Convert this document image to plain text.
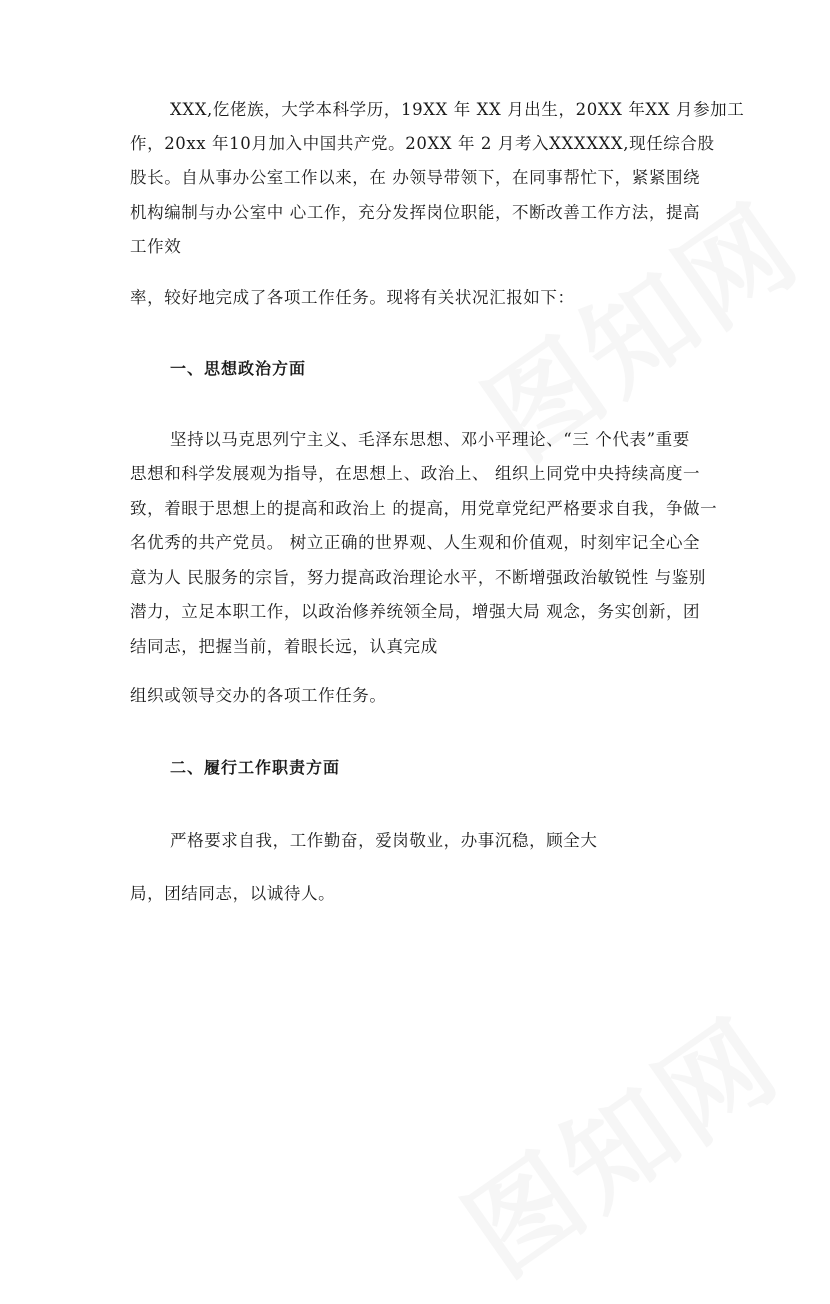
XXX,仡佬族，大学本科学历，19XX 年 XX 月出生，20XX 年XX 月参加工
作，20xx 年10月加入中国共产党。20XX 年 2 月考入XXXXXX,现任综合股
股长。自从事办公室工作以来，在 办领导带领下，在同事帮忙下，紧紧围绕
机构编制与办公室中 心工作，充分发挥岗位职能，不断改善工作方法，提高
工作效
率，较好地完成了各项工作任务。现将有关状况汇报如下：
一、思想政治方面
坚持以马克思列宁主义、毛泽东思想、邓小平理论、“三 个代表”重要
思想和科学发展观为指导，在思想上、政治上、 组织上同党中央持续高度一
致，着眼于思想上的提高和政治上 的提高，用党章党纪严格要求自我，争做一
名优秀的共产党员。 树立正确的世界观、人生观和价值观，时刻牢记全心全
意为人 民服务的宗旨，努力提高政治理论水平，不断增强政治敏锐性 与鉴别
潜力，立足本职工作，以政治修养统领全局，增强大局 观念，务实创新，团
结同志，把握当前，着眼长远，认真完成
组织或领导交办的各项工作任务。
二、履行工作职责方面
严格要求自我，工作勤奋，爱岗敬业，办事沉稳，顾全大
局，团结同志，以诚待人。
